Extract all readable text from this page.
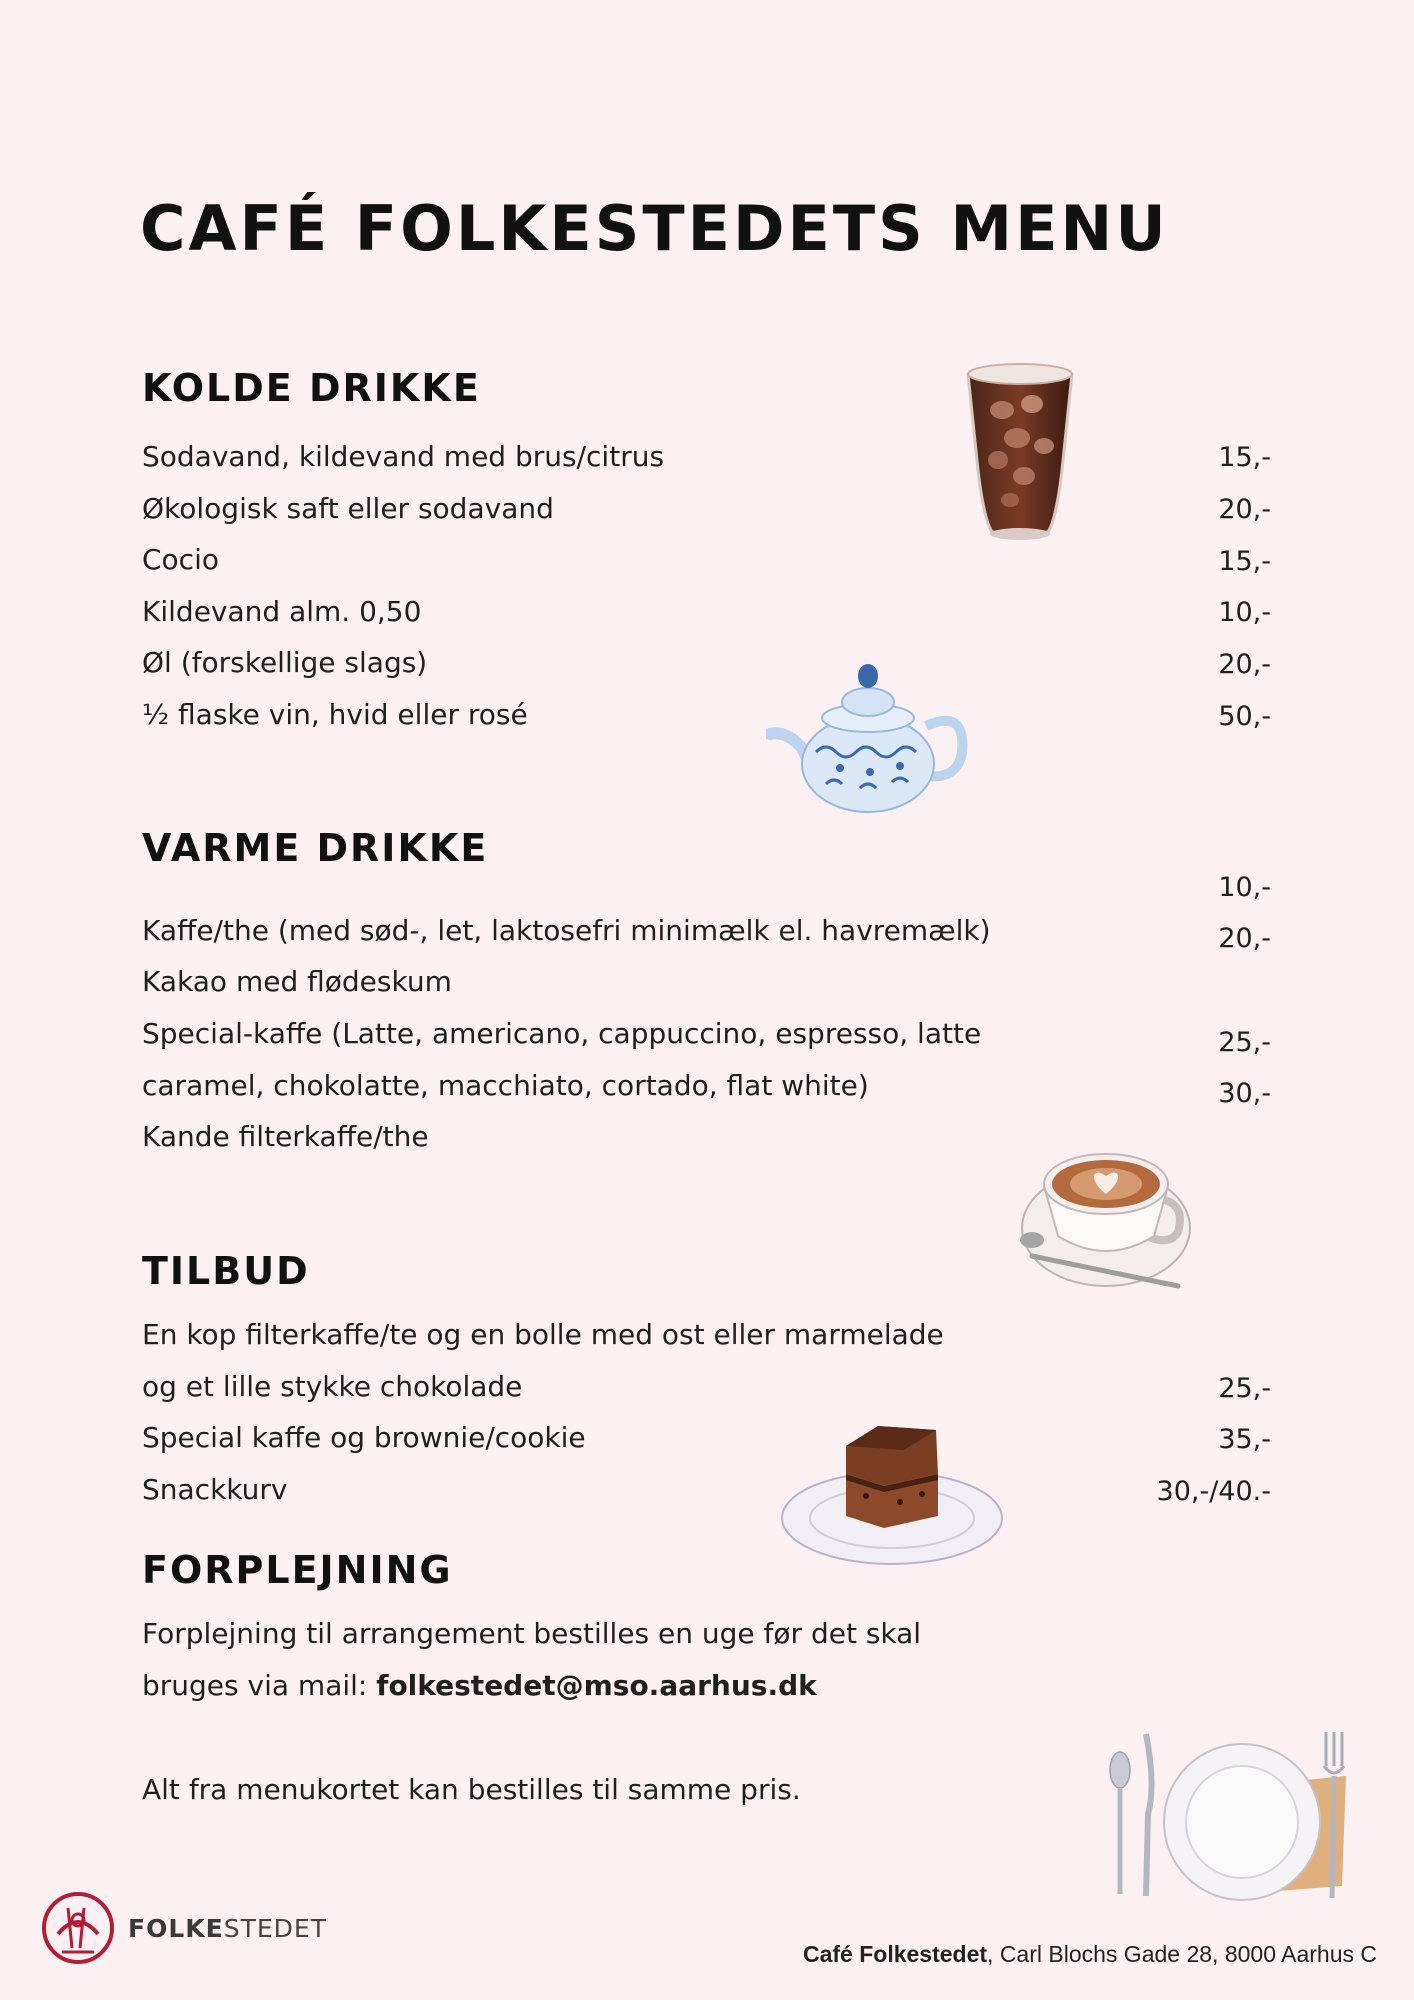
CAFÉ FOLKESTEDETS MENU
KOLDE DRIKKE
Sodavand, kildevand med brus/citrus
Økologisk saft eller sodavand
Cocio
Kildevand alm. 0,50
Øl (forskellige slags)
½ flaske vin, hvid eller rosé
15,-
20,-
15,-
10,-
20,-
50,-
VARME DRIKKE
Kaffe/the (med sød-, let, laktosefri minimælk el. havremælk)
Kakao med flødeskum
Special-kaffe (Latte, americano, cappuccino, espresso, latte
caramel, chokolatte, macchiato, cortado, flat white)
Kande filterkaffe/the
10,-
20,-
25,-
30,-
TILBUD
En kop filterkaffe/te og en bolle med ost eller marmelade
og et lille stykke chokolade
Special kaffe og brownie/cookie
Snackkurv
25,-
35,-
30,-/40.-
FORPLEJNING
Forplejning til arrangement bestilles en uge før det skal
bruges via mail: folkestedet@mso.aarhus.dk
Alt fra menukortet kan bestilles til samme pris.
FOLKESTEDET
Café Folkestedet, Carl Blochs Gade 28, 8000 Aarhus C
